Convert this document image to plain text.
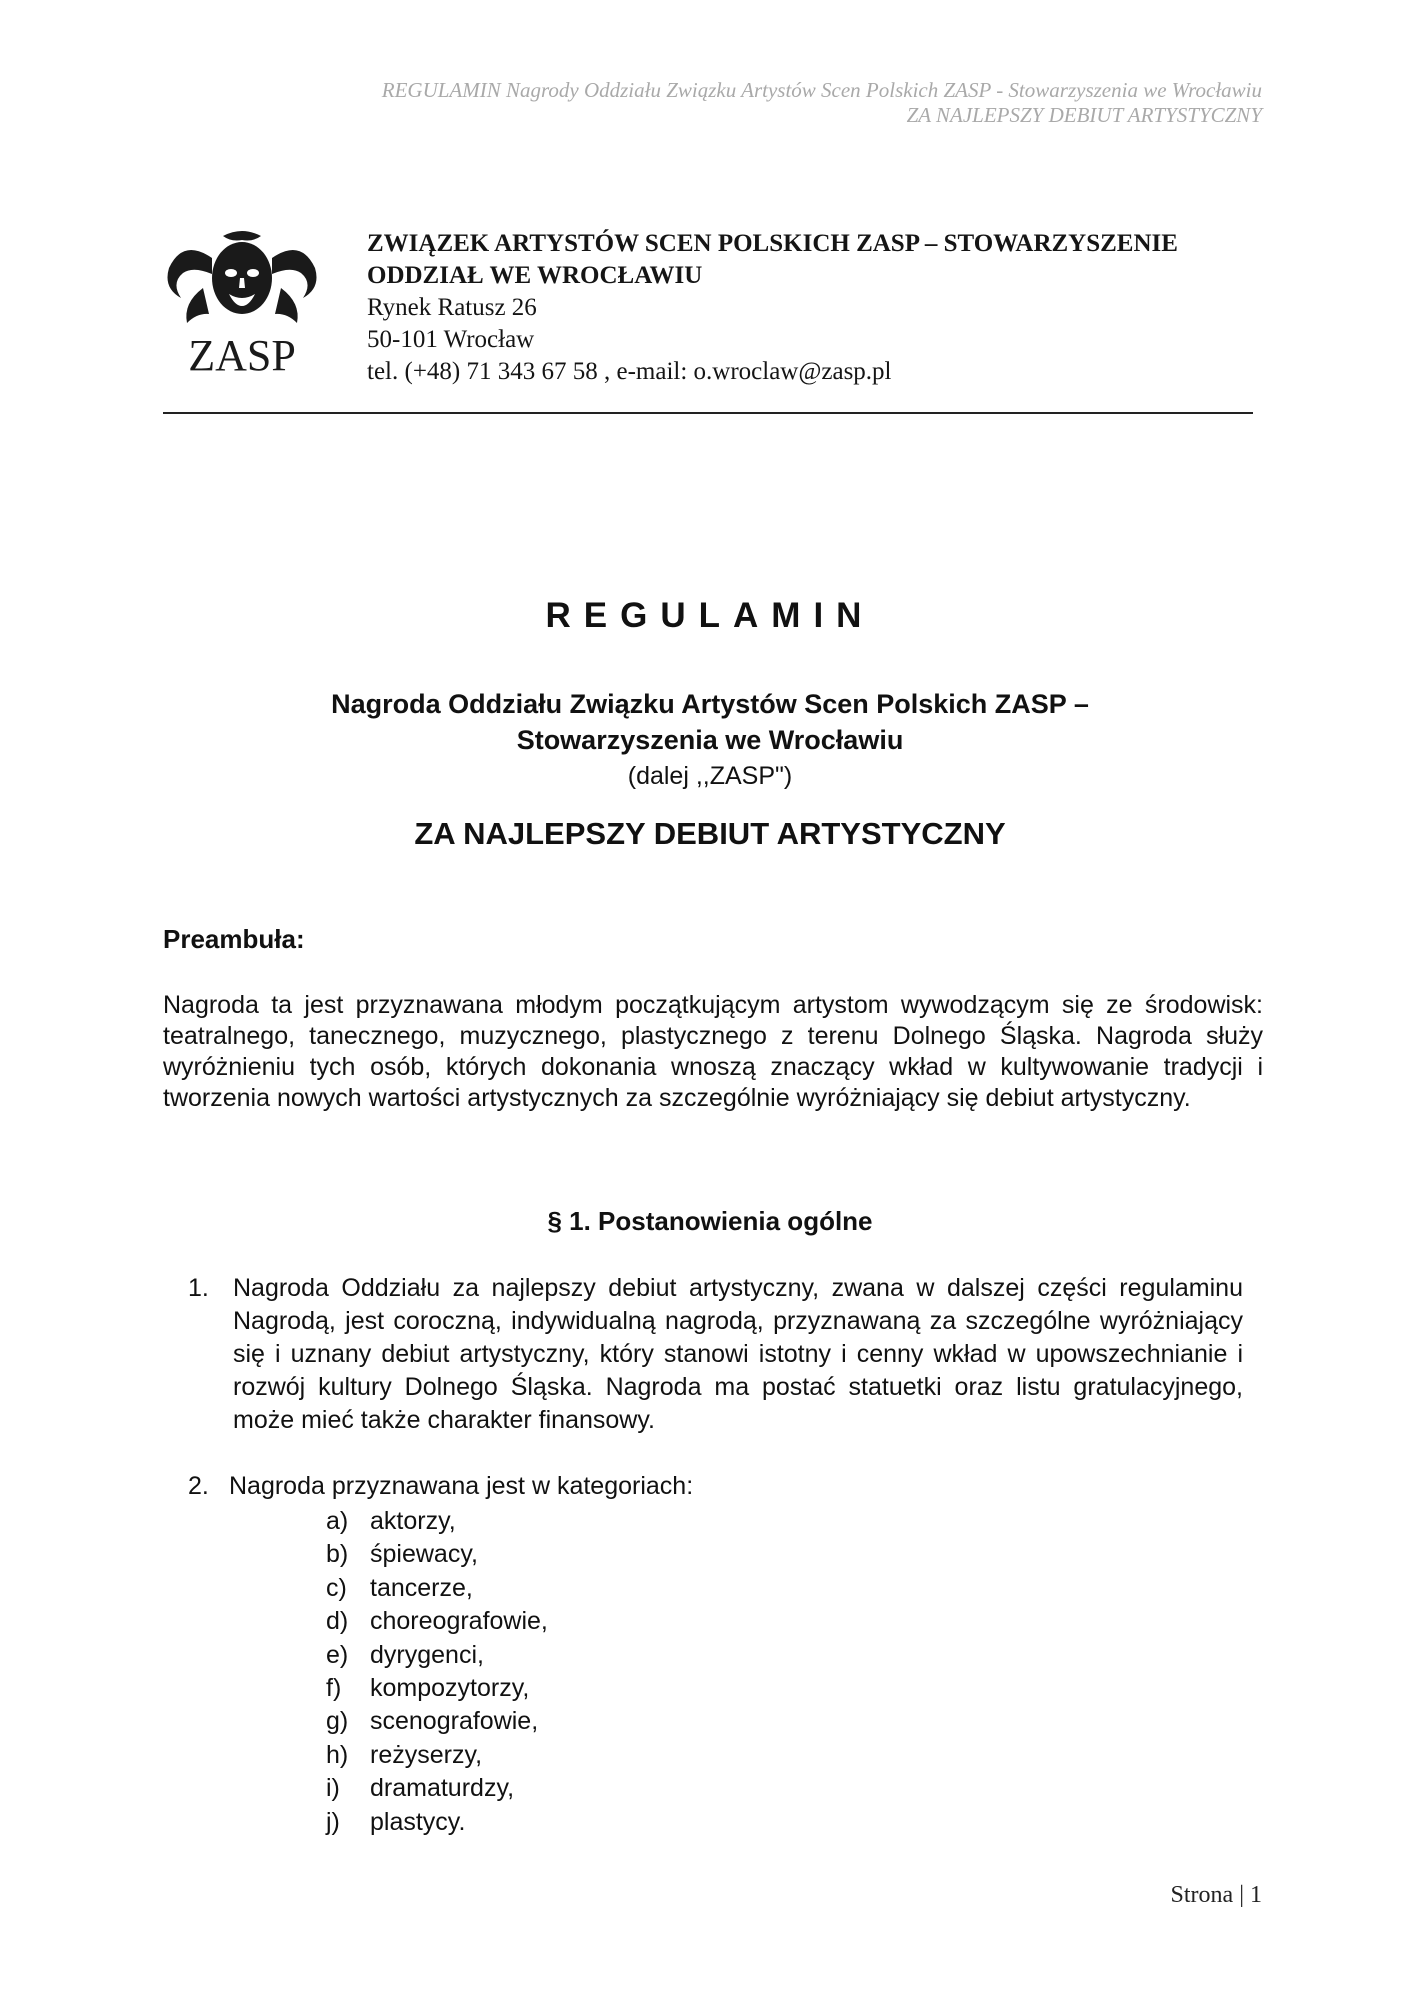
REGULAMIN Nagrody Oddziału Związku Artystów Scen Polskich ZASP - Stowarzyszenia we Wrocławiu
ZA NAJLEPSZY DEBIUT ARTYSTYCZNY
ZASP
ZWIĄZEK ARTYSTÓW SCEN POLSKICH ZASP – STOWARZYSZENIE
ODDZIAŁ WE WROCŁAWIU
Rynek Ratusz 26
50-101 Wrocław
tel. (+48) 71 343 67 58 , e-mail: o.wroclaw@zasp.pl
REGULAMIN
Nagroda Oddziału Związku Artystów Scen Polskich ZASP –
Stowarzyszenia we Wrocławiu
(dalej ,,ZASP")
ZA NAJLEPSZY DEBIUT ARTYSTYCZNY
Preambuła:
Nagroda ta jest przyznawana młodym początkującym artystom wywodzącym się ze środowisk: teatralnego, tanecznego, muzycznego, plastycznego z terenu Dolnego Śląska. Nagroda służy wyróżnieniu tych osób, których dokonania wnoszą znaczący wkład w kultywowanie tradycji i tworzenia nowych wartości artystycznych za szczególnie wyróżniający się debiut artystyczny.
§ 1. Postanowienia ogólne
1. Nagroda Oddziału za najlepszy debiut artystyczny, zwana w dalszej części regulaminu Nagrodą, jest coroczną, indywidualną nagrodą, przyznawaną za szczególne wyróżniający się i uznany debiut artystyczny, który stanowi istotny i cenny wkład w upowszechnianie i rozwój kultury Dolnego Śląska. Nagroda ma postać statuetki oraz listu gratulacyjnego, może mieć także charakter finansowy.
2. Nagroda przyznawana jest w kategoriach:
a) aktorzy,
b) śpiewacy,
c) tancerze,
d) choreografowie,
e) dyrygenci,
f) kompozytorzy,
g) scenografowie,
h) reżyserzy,
i) dramaturdzy,
j) plastycy.
Strona | 1
